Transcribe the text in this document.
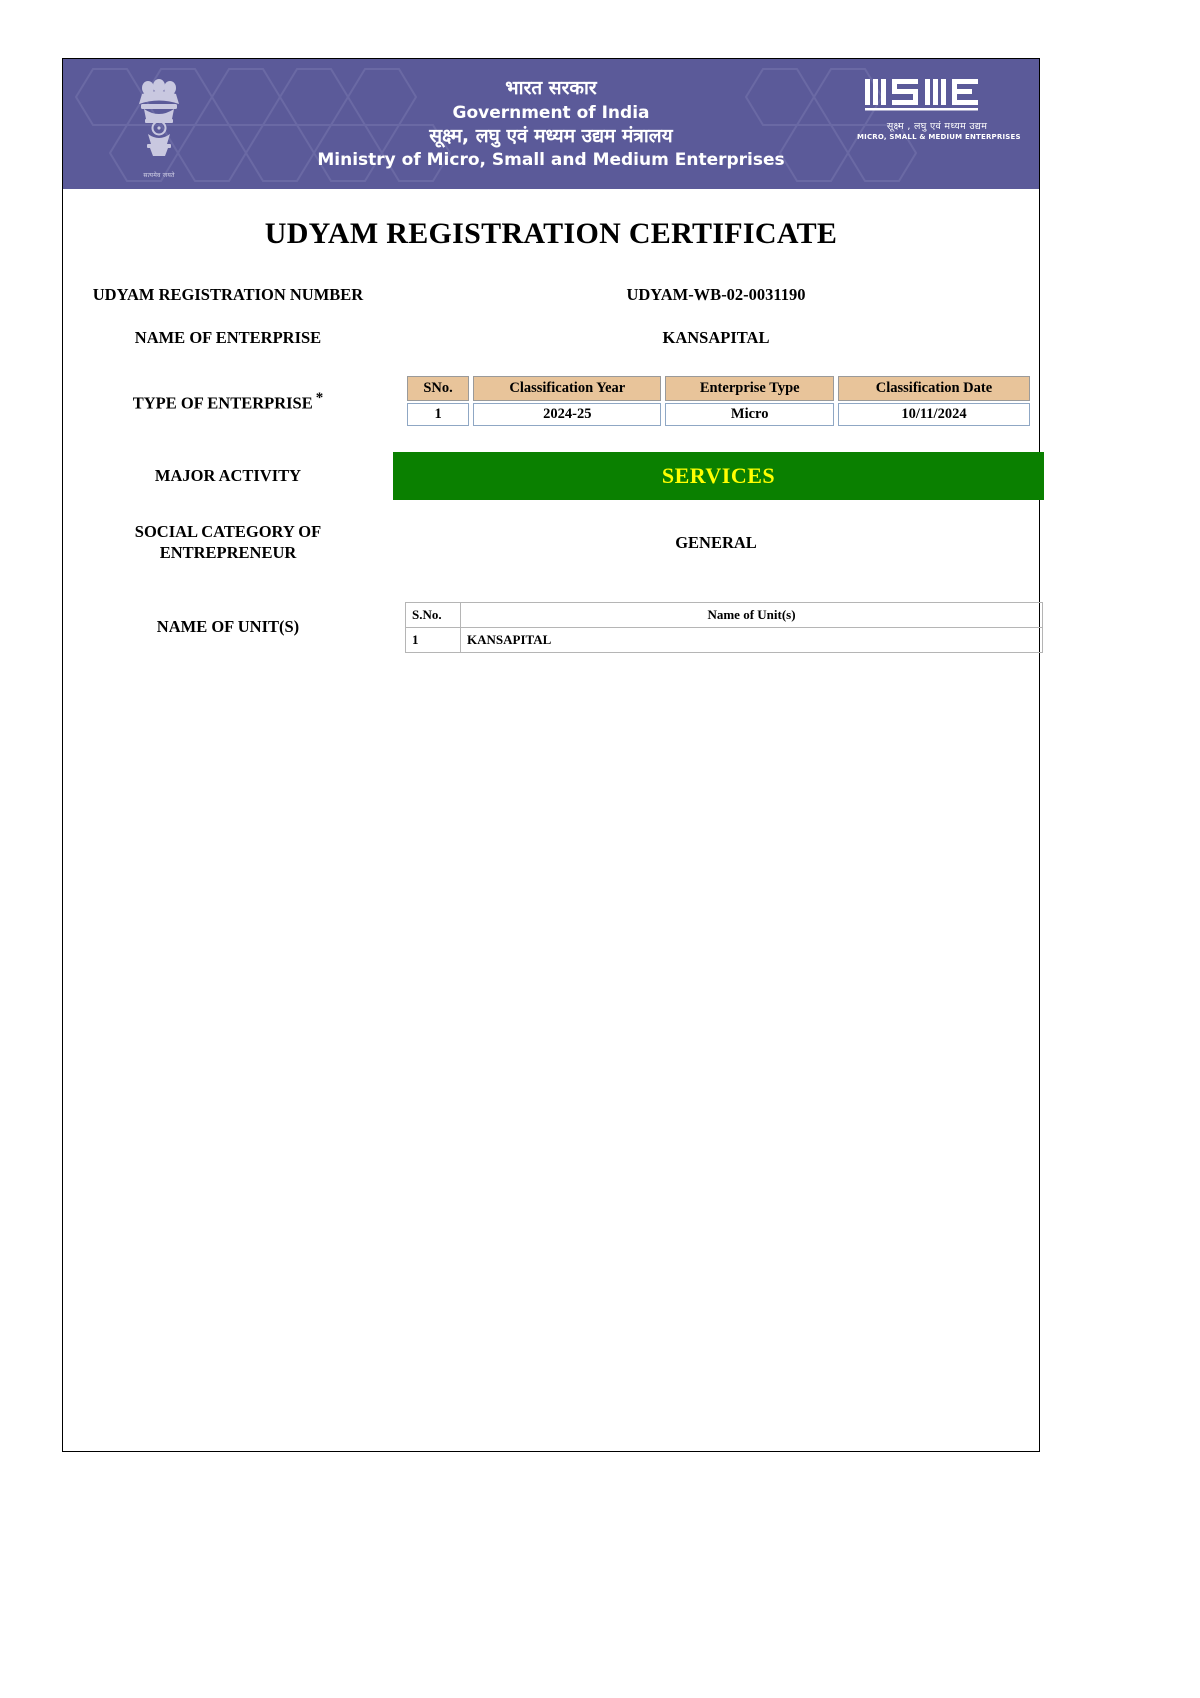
सत्यमेव जयते
भारत सरकार
Government of India
सूक्ष्म, लघु एवं मध्यम उद्यम मंत्रालय
Ministry of Micro, Small and Medium Enterprises
सूक्ष्म , लघु एवं मध्यम उद्यम
MICRO, SMALL & MEDIUM ENTERPRISES
UDYAM REGISTRATION CERTIFICATE
UDYAM REGISTRATION NUMBER	UDYAM-WB-02-0031190
NAME OF ENTERPRISE	KANSAPITAL
TYPE OF ENTERPRISE *
SNo.	Classification Year	Enterprise Type	Classification Date
1	2024-25	Micro	10/11/2024
MAJOR ACTIVITY	SERVICES
SOCIAL CATEGORY OF ENTREPRENEUR
GENERAL
NAME OF UNIT(S)
S.No.	Name of Unit(s)
1	KANSAPITAL
